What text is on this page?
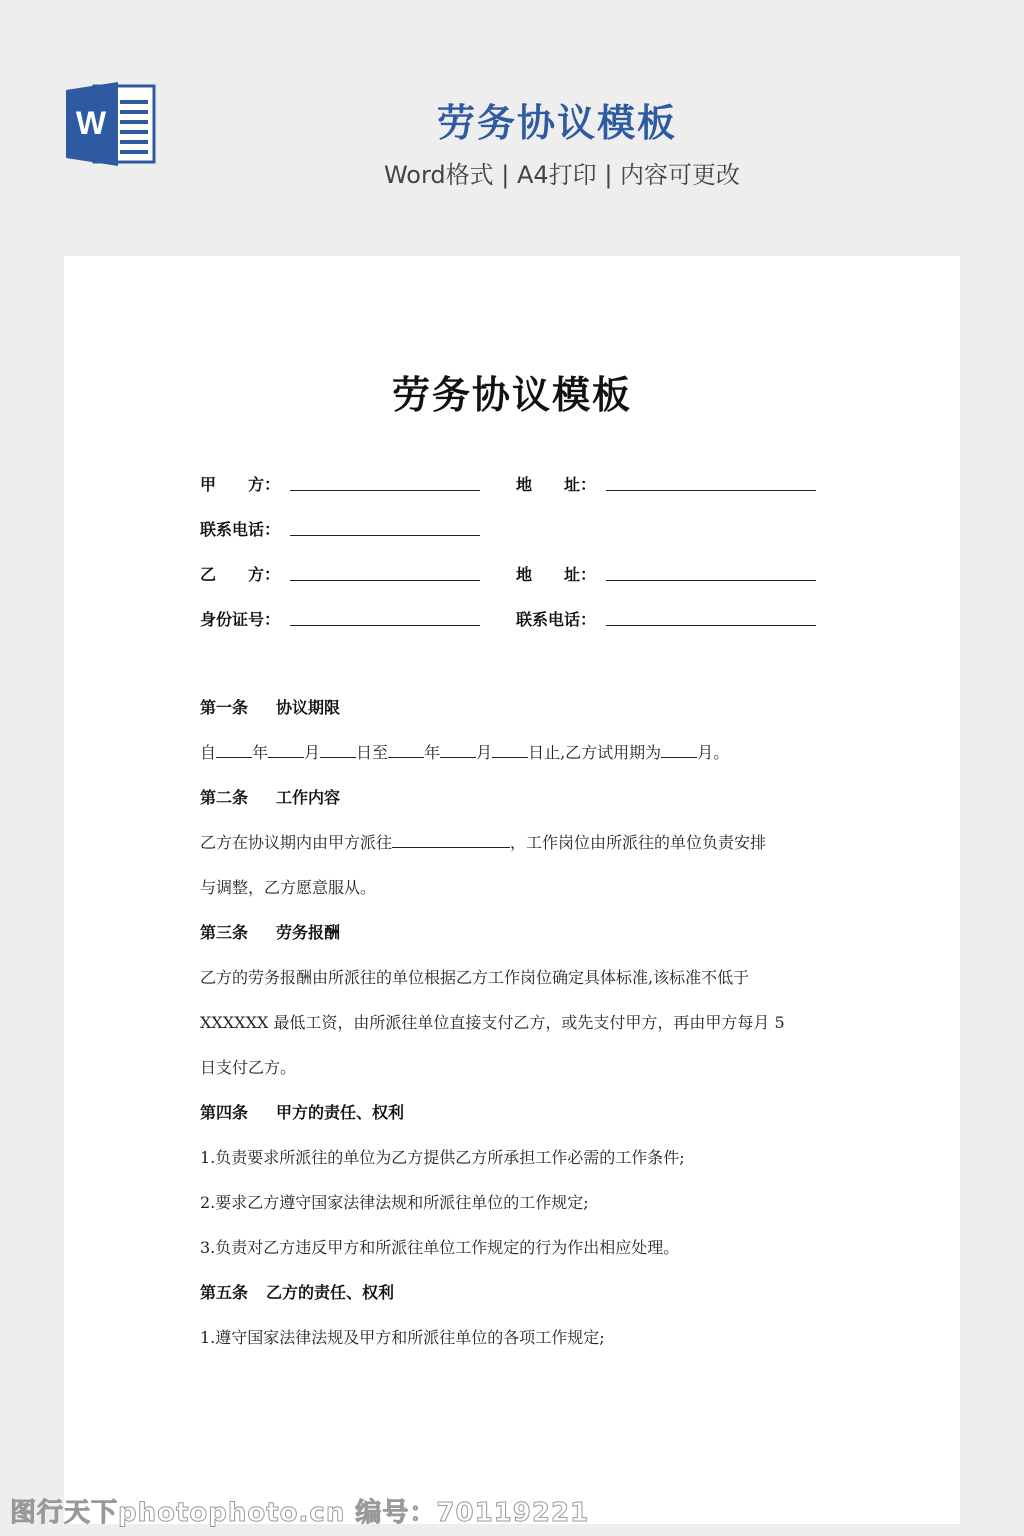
W	劳务协议模板
Word格式 | A4打印 | 内容可更改
劳务协议模板
甲　　方：	地　　址：
联系电话：
乙　　方：	地　　址：
身份证号：	联系电话：
第一条 协议期限
自 年 月 日至 年 月 日止,乙方试用期为 月。
第二条 工作内容
乙方在协议期内由甲方派往	，工作岗位由所派往的单位负责安排
与调整，乙方愿意服从。
第三条 劳务报酬
乙方的劳务报酬由所派往的单位根据乙方工作岗位确定具体标准,该标准不低于
XXXXXX 最低工资，由所派往单位直接支付乙方，或先支付甲方，再由甲方每月 5
日支付乙方。
第四条 甲方的责任、权利
1.负责要求所派往的单位为乙方提供乙方所承担工作必需的工作条件;
2.要求乙方遵守国家法律法规和所派往单位的工作规定;
3.负责对乙方违反甲方和所派往单位工作规定的行为作出相应处理。
第五条 乙方的责任、权利
1.遵守国家法律法规及甲方和所派往单位的各项工作规定;
图行天下photophoto.cn 编号：70119221
